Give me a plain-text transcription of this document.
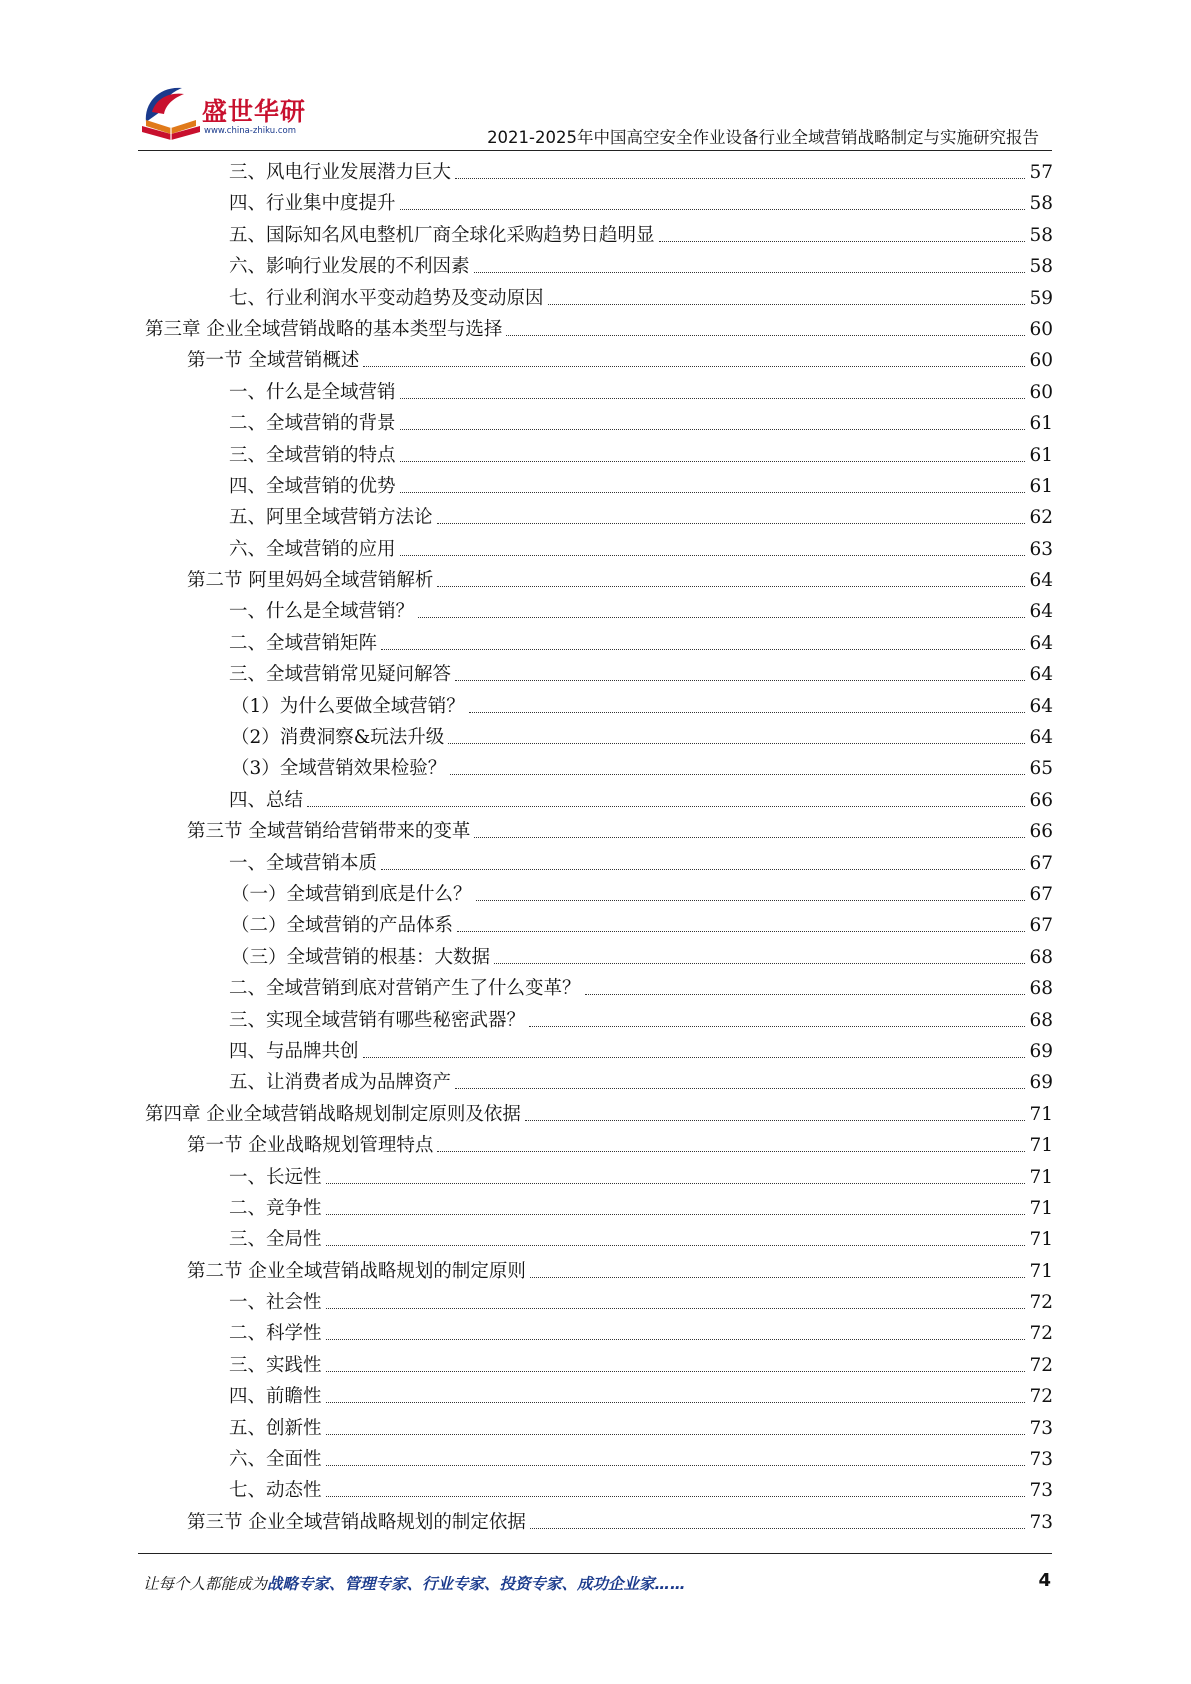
盛世华研
www.china-zhiku.com	2021-2025年中国高空安全作业设备行业全域营销战略制定与实施研究报告
三、风电行业发展潜力巨大	57
四、行业集中度提升	58
五、国际知名风电整机厂商全球化采购趋势日趋明显	58
六、影响行业发展的不利因素	58
七、行业利润水平变动趋势及变动原因	59
第三章 企业全域营销战略的基本类型与选择	60
第一节 全域营销概述	60
一、什么是全域营销	60
二、全域营销的背景	61
三、全域营销的特点	61
四、全域营销的优势	61
五、阿里全域营销方法论	62
六、全域营销的应用	63
第二节 阿里妈妈全域营销解析	64
一、什么是全域营销？	64
二、全域营销矩阵	64
三、全域营销常见疑问解答	64
（1）为什么要做全域营销？	64
（2）消费洞察&玩法升级	64
（3）全域营销效果检验？	65
四、总结	66
第三节 全域营销给营销带来的变革	66
一、全域营销本质	67
（一）全域营销到底是什么？	67
（二）全域营销的产品体系	67
（三）全域营销的根基：大数据	68
二、全域营销到底对营销产生了什么变革？	68
三、实现全域营销有哪些秘密武器？	68
四、与品牌共创	69
五、让消费者成为品牌资产	69
第四章 企业全域营销战略规划制定原则及依据	71
第一节 企业战略规划管理特点	71
一、长远性	71
二、竞争性	71
三、全局性	71
第二节 企业全域营销战略规划的制定原则	71
一、社会性	72
二、科学性	72
三、实践性	72
四、前瞻性	72
五、创新性	73
六、全面性	73
七、动态性	73
第三节 企业全域营销战略规划的制定依据	73
让每个人都能成为战略专家、管理专家、行业专家、投资专家、成功企业家……	4
